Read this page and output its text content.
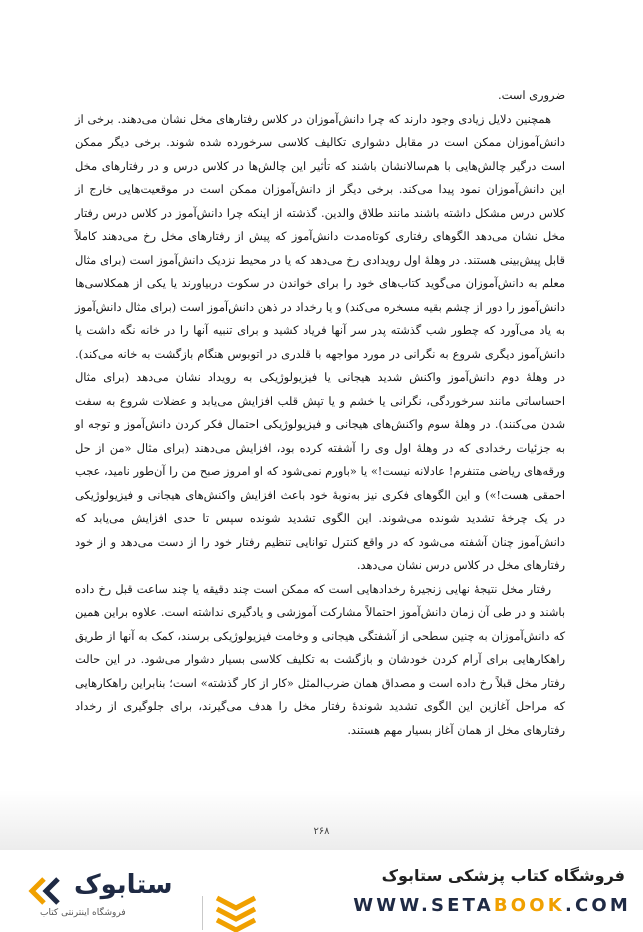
ضروری است.

همچنین دلایل زیادی وجود دارند که چرا دانش‌آموزان در کلاس رفتارهای مخل نشان می‌دهند. برخی از دانش‌آموزان ممکن است در مقابل دشواری تکالیف کلاسی سرخورده شده شوند. برخی دیگر ممکن است درگیر چالش‌هایی با هم‌سالانشان باشند که تأثیر این چالش‌ها در کلاس درس و در رفتارهای مخل این دانش‌آموزان نمود پیدا می‌کند. برخی دیگر از دانش‌آموزان ممکن است در موقعیت‌هایی خارج از کلاس درس مشکل داشته باشند مانند طلاق والدین. گذشته از اینکه چرا دانش‌آموز در کلاس درس رفتار مخل نشان می‌دهد الگوهای رفتاری کوتاه‌مدت دانش‌آموز که پیش از رفتارهای مخل رخ می‌دهند کاملاً قابل پیش‌بینی هستند. در وهلهٔ اول رویدادی رخ می‌دهد که یا در محیط نزدیک دانش‌آموز است (برای مثال معلم به دانش‌آموزان می‌گوید کتاب‌های خود را برای خواندن در سکوت دربیاورند یا یکی از همکلاسی‌ها دانش‌آموز را دور از چشم بقیه مسخره می‌کند) و یا رخداد در ذهن دانش‌آموز است (برای مثال دانش‌آموز به یاد می‌آورد که چطور شب گذشته پدر سر آنها فریاد کشید و برای تنبیه آنها را در خانه نگه داشت یا دانش‌آموز دیگری شروع به نگرانی در مورد مواجهه با قلدری در اتوبوس هنگام بازگشت به خانه می‌کند). در وهلهٔ دوم دانش‌آموز واکنش شدید هیجانی یا فیزیولوژیکی به رویداد نشان می‌دهد (برای مثال احساساتی مانند سرخوردگی، نگرانی یا خشم و یا تپش قلب افزایش می‌یابد و عضلات شروع به سفت شدن می‌کنند). در وهلهٔ سوم واکنش‌های هیجانی و فیزیولوژیکی احتمال فکر کردن دانش‌آموز و توجه او به جزئیات رخدادی که در وهلهٔ اول وی را آشفته کرده بود، افزایش می‌دهند (برای مثال «من از حل ورقه‌های ریاضی متنفرم! عادلانه نیست!» یا «باورم نمی‌شود که او امروز صبح من را آن‌طور نامید، عجب احمقی هست!») و این الگوهای فکری نیز به‌نوبهٔ خود باعث افزایش واکنش‌های هیجانی و فیزیولوژیکی در یک چرخهٔ تشدید شونده می‌شوند. این الگوی تشدید شونده سپس تا حدی افزایش می‌یابد که دانش‌آموز چنان آشفته می‌شود که در واقع کنترل توانایی تنظیم رفتار خود را از دست می‌دهد و از خود رفتارهای مخل در کلاس درس نشان می‌دهد.

رفتار مخل نتیجهٔ نهایی زنجیرهٔ رخدادهایی است که ممکن است چند دقیقه یا چند ساعت قبل رخ داده باشند و در طی آن زمان دانش‌آموز احتمالاً مشارکت آموزشی و یادگیری نداشته است. علاوه براین همین که دانش‌آموزان به چنین سطحی از آشفتگی هیجانی و وخامت فیزیولوژیکی برسند، کمک به آنها از طریق راهکارهایی برای آرام کردن خودشان و بازگشت به تکلیف کلاسی بسیار دشوار می‌شود. در این حالت رفتار مخل قبلاً رخ داده است و مصداق همان ضرب‌المثل «کار از کار گذشته» است؛ بنابراین راهکارهایی که مراحل آغازین این الگوی تشدید شوندهٔ رفتار مخل را هدف می‌گیرند، برای جلوگیری از رخداد رفتارهای مخل از همان آغاز بسیار مهم هستند.

۲۶۸
ستابوک
فروشگاه اینترنتی کتاب
فروشگاه کتاب پزشکی ستابوک
WWW.SETABOOK.COM
